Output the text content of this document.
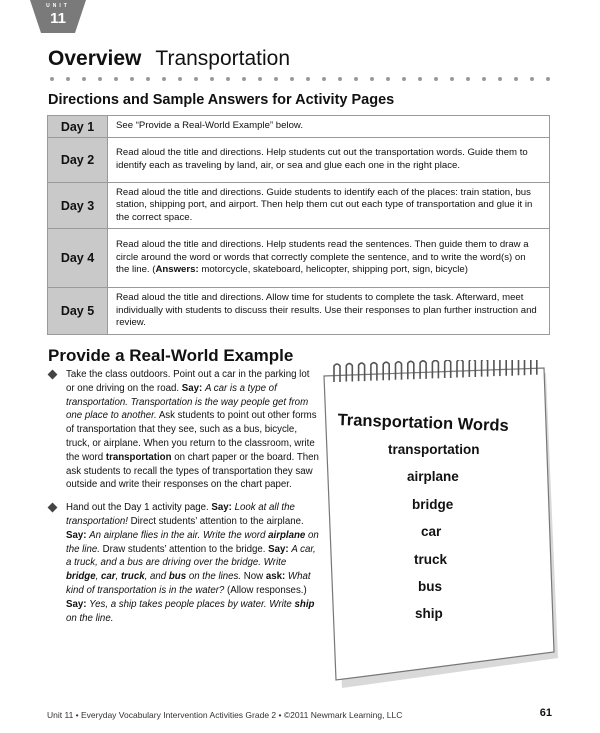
UNIT
11
Overview Transportation
Directions and Sample Answers for Activity Pages
Day 1	See “Provide a Real-World Example” below.
Day 2	Read aloud the title and directions. Help students cut out the transportation words. Guide them to identify each as traveling by land, air, or sea and glue each one in the right place.
Day 3	Read aloud the title and directions. Guide students to identify each of the places: train station, bus station, shipping port, and airport. Then help them cut out each type of transportation and glue it in the correct space.
Day 4	Read aloud the title and directions. Help students read the sentences. Then guide them to draw a circle around the word or words that correctly complete the sentence, and to write the word(s) on the line. (Answers: motorcycle, skateboard, helicopter, shipping port, sign, bicycle)
Day 5	Read aloud the title and directions. Allow time for students to complete the task. Afterward, meet individually with students to discuss their results. Use their responses to plan further instruction and review.
Provide a Real-World Example
Take the class outdoors. Point out a car in the parking lot or one driving on the road. Say: A car is a type of transportation. Transportation is the way people get from one place to another. Ask students to point out other forms of transportation that they see, such as a bus, bicycle, truck, or airplane. When you return to the classroom, write the word transportation on chart paper or the board. Then ask students to recall the types of transportation they saw outside and write their responses on the chart paper.
Hand out the Day 1 activity page. Say: Look at all the transportation! Direct students’ attention to the airplane. Say: An airplane flies in the air. Write the word airplane on the line. Draw students’ attention to the bridge. Say: A car, a truck, and a bus are driving over the bridge. Write bridge, car, truck, and bus on the lines. Now ask: What kind of transportation is in the water? (Allow responses.) Say: Yes, a ship takes people places by water. Write ship on the line.
Transportation Words
transportation
airplane
bridge
car
truck
bus
ship
Unit 11 • Everyday Vocabulary Intervention Activities Grade 2 • ©2011 Newmark Learning, LLC	61
